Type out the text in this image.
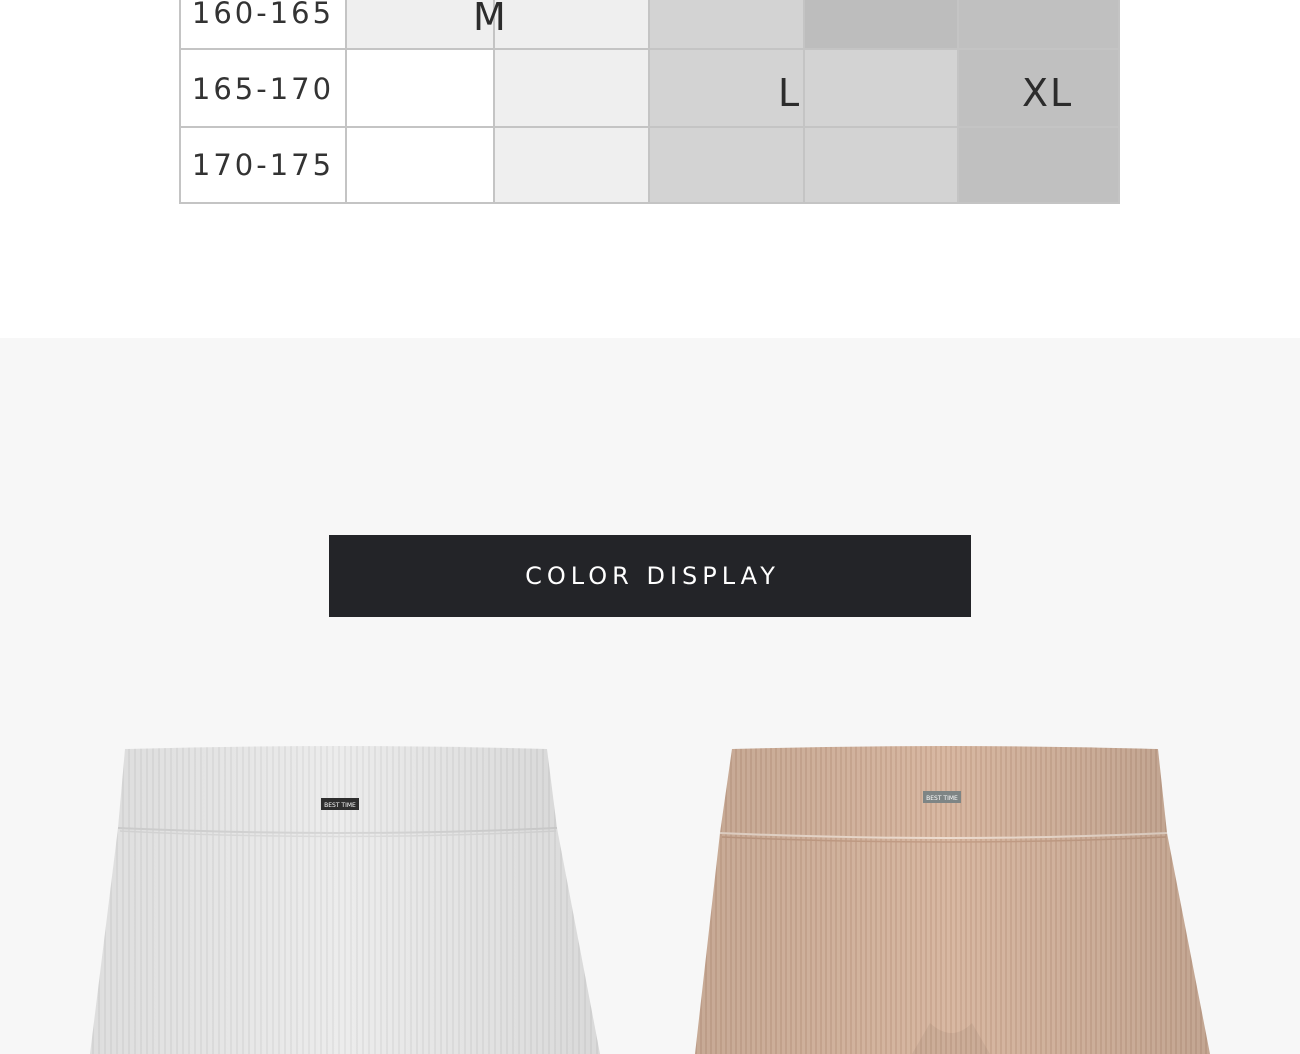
160-165
165-170
170-175
M
L	XL
COLOR DISPLAY
BEST TIME
BEST TIME
